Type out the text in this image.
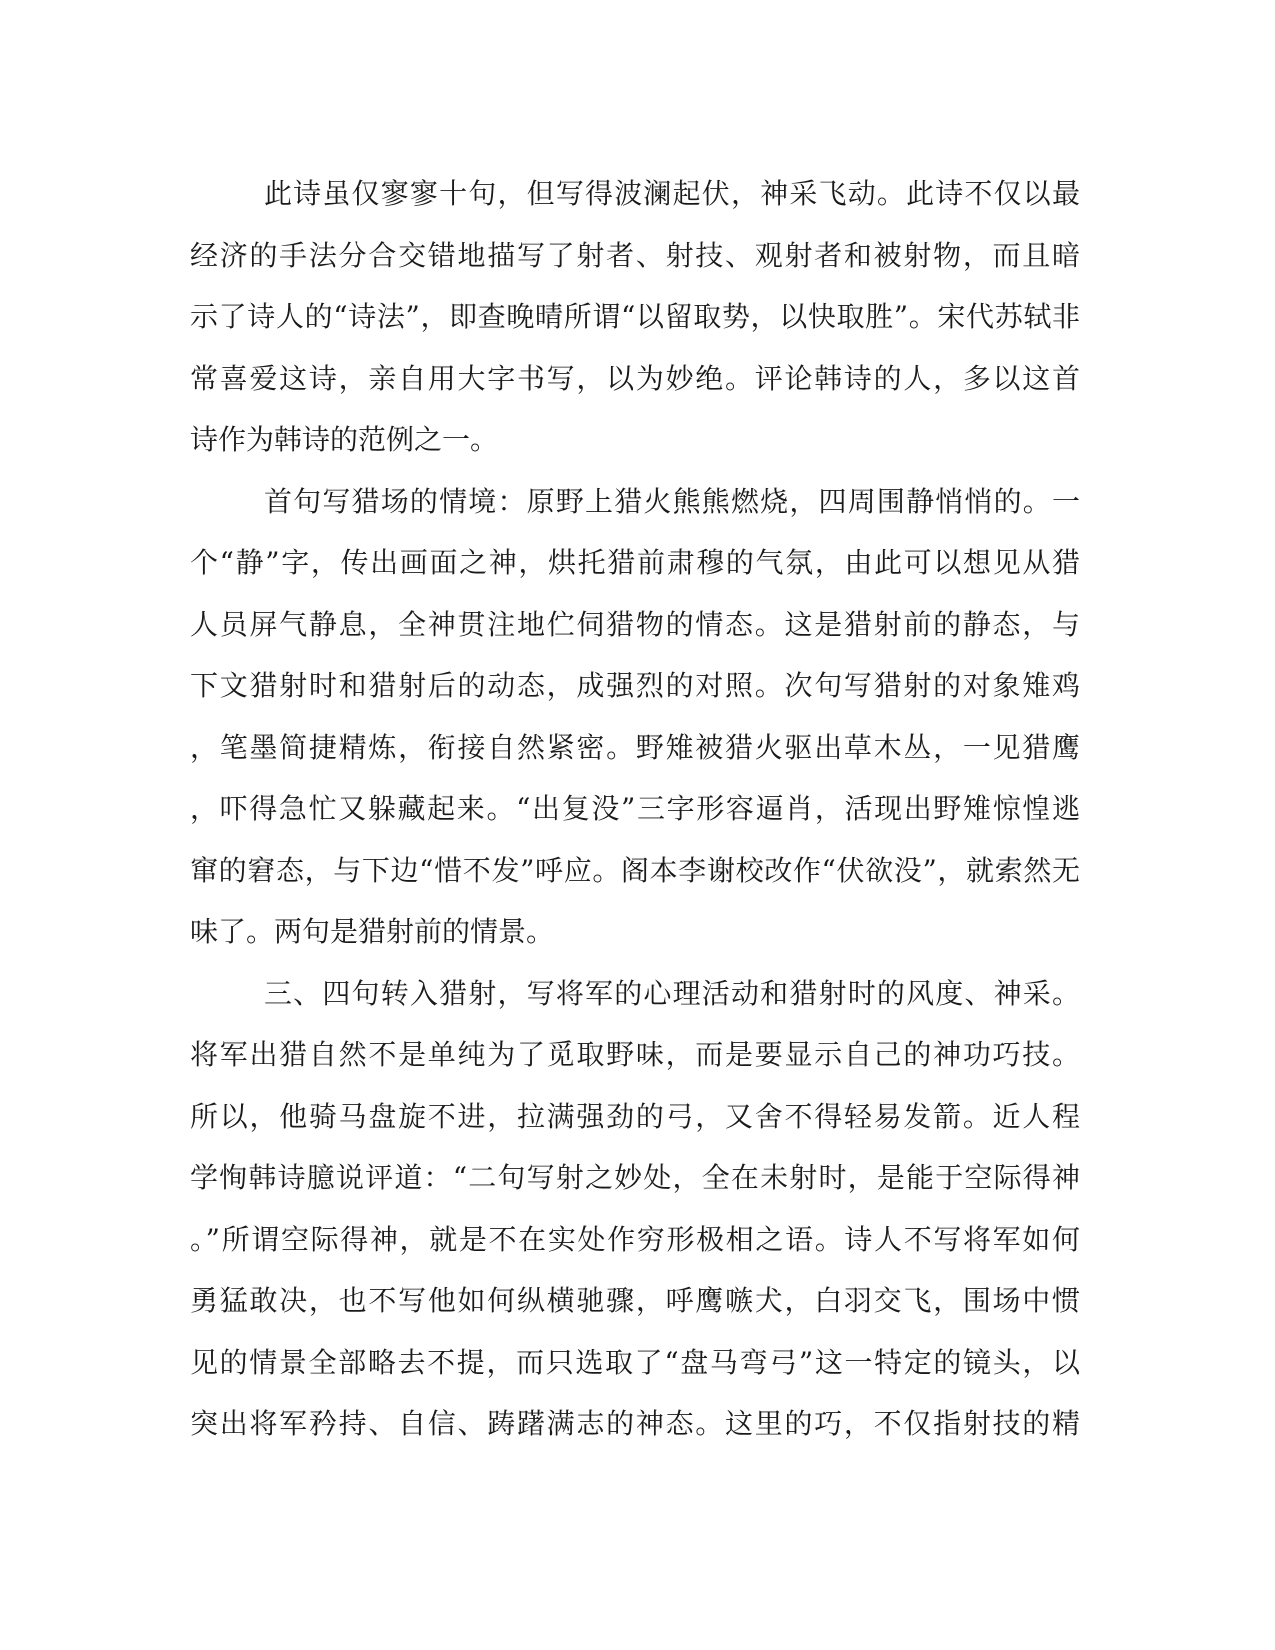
此诗虽仅寥寥十句，但写得波澜起伏，神采飞动。此诗不仅以最
经济的手法分合交错地描写了射者、射技、观射者和被射物，而且暗
示了诗人的“诗法”，即查晚晴所谓“以留取势，以快取胜”。宋代苏轼非
常喜爱这诗，亲自用大字书写，以为妙绝。评论韩诗的人，多以这首
诗作为韩诗的范例之一。
首句写猎场的情境：原野上猎火熊熊燃烧，四周围静悄悄的。一
个“静”字，传出画面之神，烘托猎前肃穆的气氛，由此可以想见从猎
人员屏气静息，全神贯注地伫伺猎物的情态。这是猎射前的静态，与
下文猎射时和猎射后的动态，成强烈的对照。次句写猎射的对象雉鸡
，笔墨简捷精炼，衔接自然紧密。野雉被猎火驱出草木丛，一见猎鹰
，吓得急忙又躲藏起来。“出复没”三字形容逼肖，活现出野雉惊惶逃
窜的窘态，与下边“惜不发”呼应。阁本李谢校改作“伏欲没”，就索然无
味了。两句是猎射前的情景。
三、四句转入猎射，写将军的心理活动和猎射时的风度、神采。
将军出猎自然不是单纯为了觅取野味，而是要显示自己的神功巧技。
所以，他骑马盘旋不进，拉满强劲的弓，又舍不得轻易发箭。近人程
学恂韩诗臆说评道：“二句写射之妙处，全在未射时，是能于空际得神
。”所谓空际得神，就是不在实处作穷形极相之语。诗人不写将军如何
勇猛敢决，也不写他如何纵横驰骤，呼鹰嗾犬，白羽交飞，围场中惯
见的情景全部略去不提，而只选取了“盘马弯弓”这一特定的镜头，以
突出将军矜持、自信、踌躇满志的神态。这里的巧，不仅指射技的精
